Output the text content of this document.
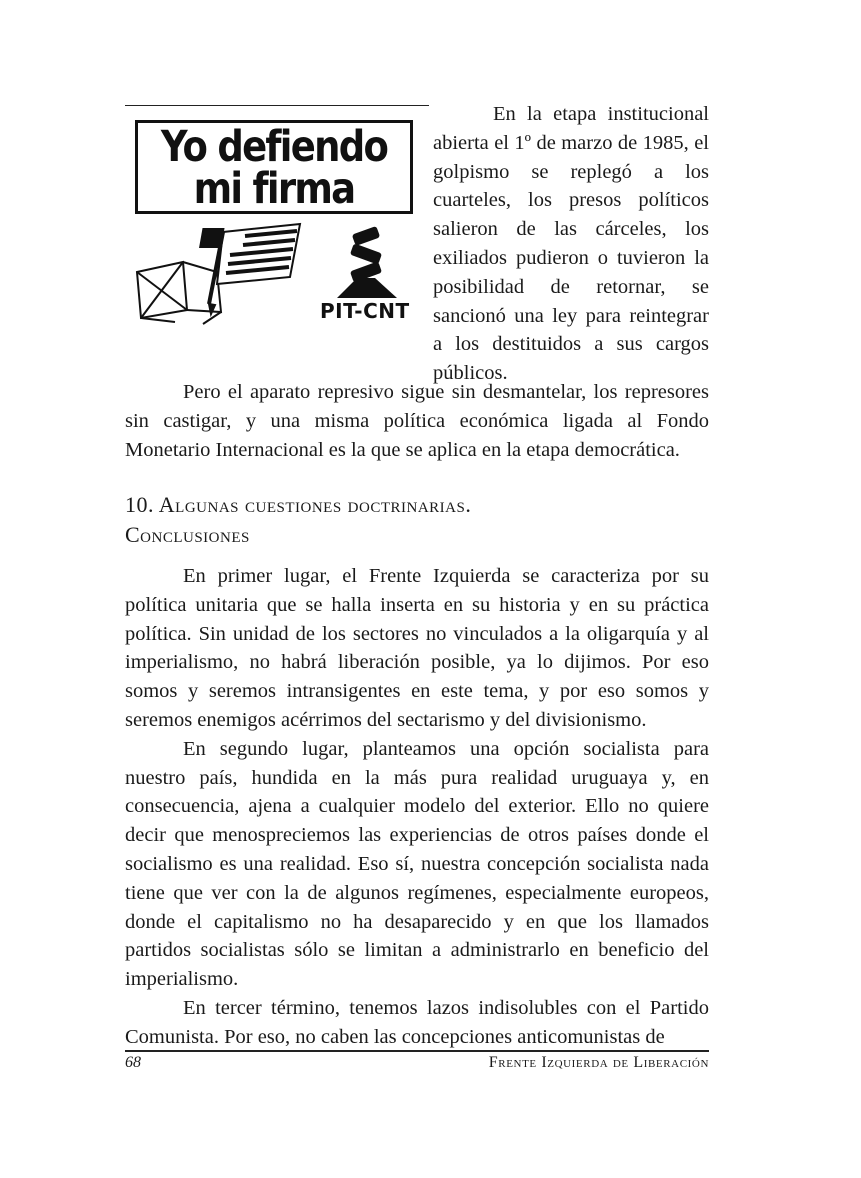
Yo defiendo
mi firma
PIT-CNT

En la etapa institucional abierta el 1º de marzo de 1985, el golpismo se replegó a los cuarteles, los presos políticos salieron de las cárceles, los exiliados pudieron o tuvieron la posibilidad de retornar, se sancionó una ley para reintegrar a los destituidos a sus cargos públicos.

Pero el aparato represivo sigue sin desmantelar, los represores sin castigar, y una misma política económica ligada al Fondo Monetario Internacional es la que se aplica en la etapa democrática.

10. Algunas cuestiones doctrinarias.
Conclusiones

En primer lugar, el Frente Izquierda se caracteriza por su política unitaria que se halla inserta en su historia y en su práctica política. Sin unidad de los sectores no vinculados a la oligarquía y al imperialismo, no habrá liberación posible, ya lo dijimos. Por eso somos y seremos intransigentes en este tema, y por eso somos y seremos enemigos acérrimos del sectarismo y del divisionismo.

En segundo lugar, planteamos una opción socialista para nuestro país, hundida en la más pura realidad uruguaya y, en consecuencia, ajena a cualquier modelo del exterior. Ello no quiere decir que menospreciemos las experiencias de otros países donde el socialismo es una realidad. Eso sí, nuestra concepción socialista nada tiene que ver con la de algunos regímenes, especialmente europeos, donde el capitalismo no ha desaparecido y en que los llamados partidos socialistas sólo se limitan a administrarlo en beneficio del imperialismo.

En tercer término, tenemos lazos indisolubles con el Partido Comunista. Por eso, no caben las concepciones anticomunistas de

68	Frente Izquierda de Liberación
